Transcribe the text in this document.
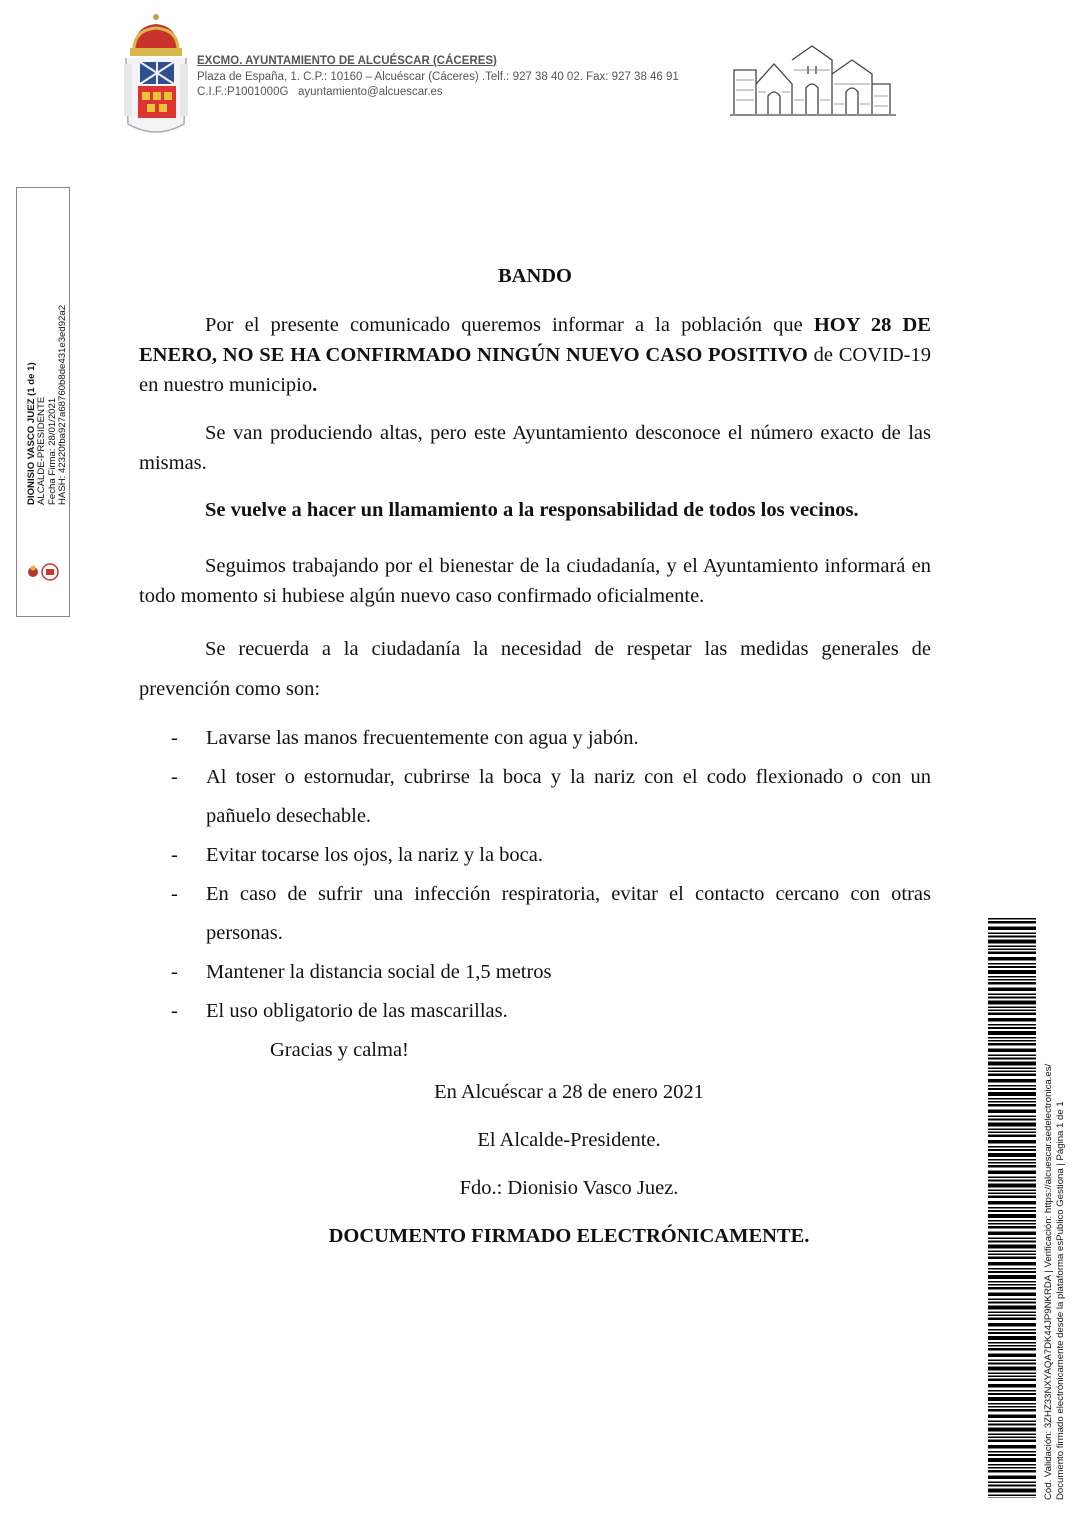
EXCMO. AYUNTAMIENTO DE ALCUÉSCAR (CÁCERES)
Plaza de España, 1. C.P.: 10160 – Alcuéscar (Cáceres) .Telf.: 927 38 40 02. Fax: 927 38 46 91
C.I.F.:P1001000G ayuntamiento@alcuescar.es
DIONISIO VASCO JUEZ (1 de 1) ALCALDE-PRESIDENTE Fecha Firma: 28/01/2021 HASH: 42320fba927a68760b8de431e3ed92a2

BANDO

Por el presente comunicado queremos informar a la población que HOY 28 DE ENERO, NO SE HA CONFIRMADO NINGÚN NUEVO CASO POSITIVO de COVID-19 en nuestro municipio.

Se van produciendo altas, pero este Ayuntamiento desconoce el número exacto de las mismas.

Se vuelve a hacer un llamamiento a la responsabilidad de todos los vecinos.

Seguimos trabajando por el bienestar de la ciudadanía, y el Ayuntamiento informará en todo momento si hubiese algún nuevo caso confirmado oficialmente.

Se recuerda a la ciudadanía la necesidad de respetar las medidas generales de prevención como son:

- Lavarse las manos frecuentemente con agua y jabón.
- Al toser o estornudar, cubrirse la boca y la nariz con el codo flexionado o con un pañuelo desechable.
- Evitar tocarse los ojos, la nariz y la boca.
- En caso de sufrir una infección respiratoria, evitar el contacto cercano con otras personas.
- Mantener la distancia social de 1,5 metros
- El uso obligatorio de las mascarillas.

Gracias y calma!

En Alcuéscar a 28 de enero 2021

El Alcalde-Presidente.

Fdo.: Dionisio Vasco Juez.

DOCUMENTO FIRMADO ELECTRÓNICAMENTE.	Cód. Validación: 3ZHZ33NXYAQA7DK44JP9NKRDA | Verificación: https://alcuescar.sedelectronica.es/ Documento firmado electrónicamente desde la plataforma esPublico Gestiona | Página 1 de 1
